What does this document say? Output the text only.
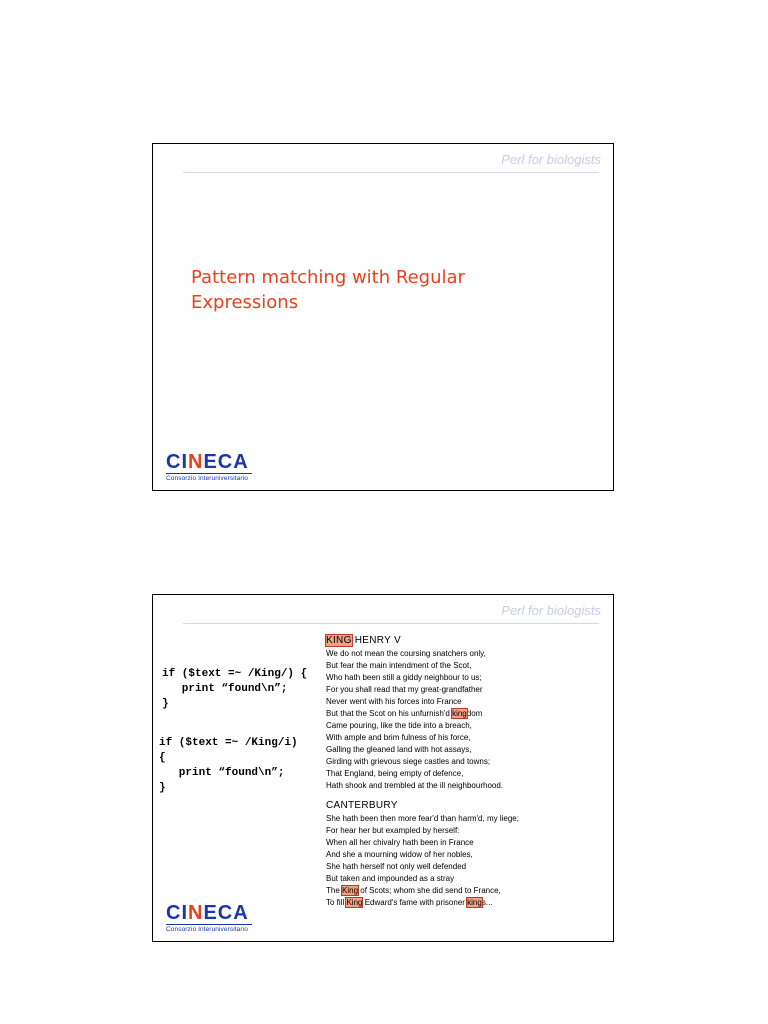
Perl for biologists
Pattern matching with Regular
Expressions
CINECA
Consorzio Interuniversitario
Perl for biologists
if ($text =~ /King/) {
print “found\n”;
}
if ($text =~ /King/i)
{
print “found\n”;
}
KING HENRY V
We do not mean the coursing snatchers only,
But fear the main intendment of the Scot,
Who hath been still a giddy neighbour to us;
For you shall read that my great-grandfather
Never went with his forces into France
But that the Scot on his unfurnish'd kingdom
Came pouring, like the tide into a breach,
With ample and brim fulness of his force,
Galling the gleaned land with hot assays,
Girding with grievous siege castles and towns;
That England, being empty of defence,
Hath shook and trembled at the ill neighbourhood.
CANTERBURY
She hath been then more fear'd than harm'd, my liege;
For hear her but exampled by herself:
When all her chivalry hath been in France
And she a mourning widow of her nobles,
She hath herself not only well defended
But taken and impounded as a stray
The King of Scots; whom she did send to France,
To fill King Edward's fame with prisoner kings...
CINECA
Consorzio Interuniversitario
